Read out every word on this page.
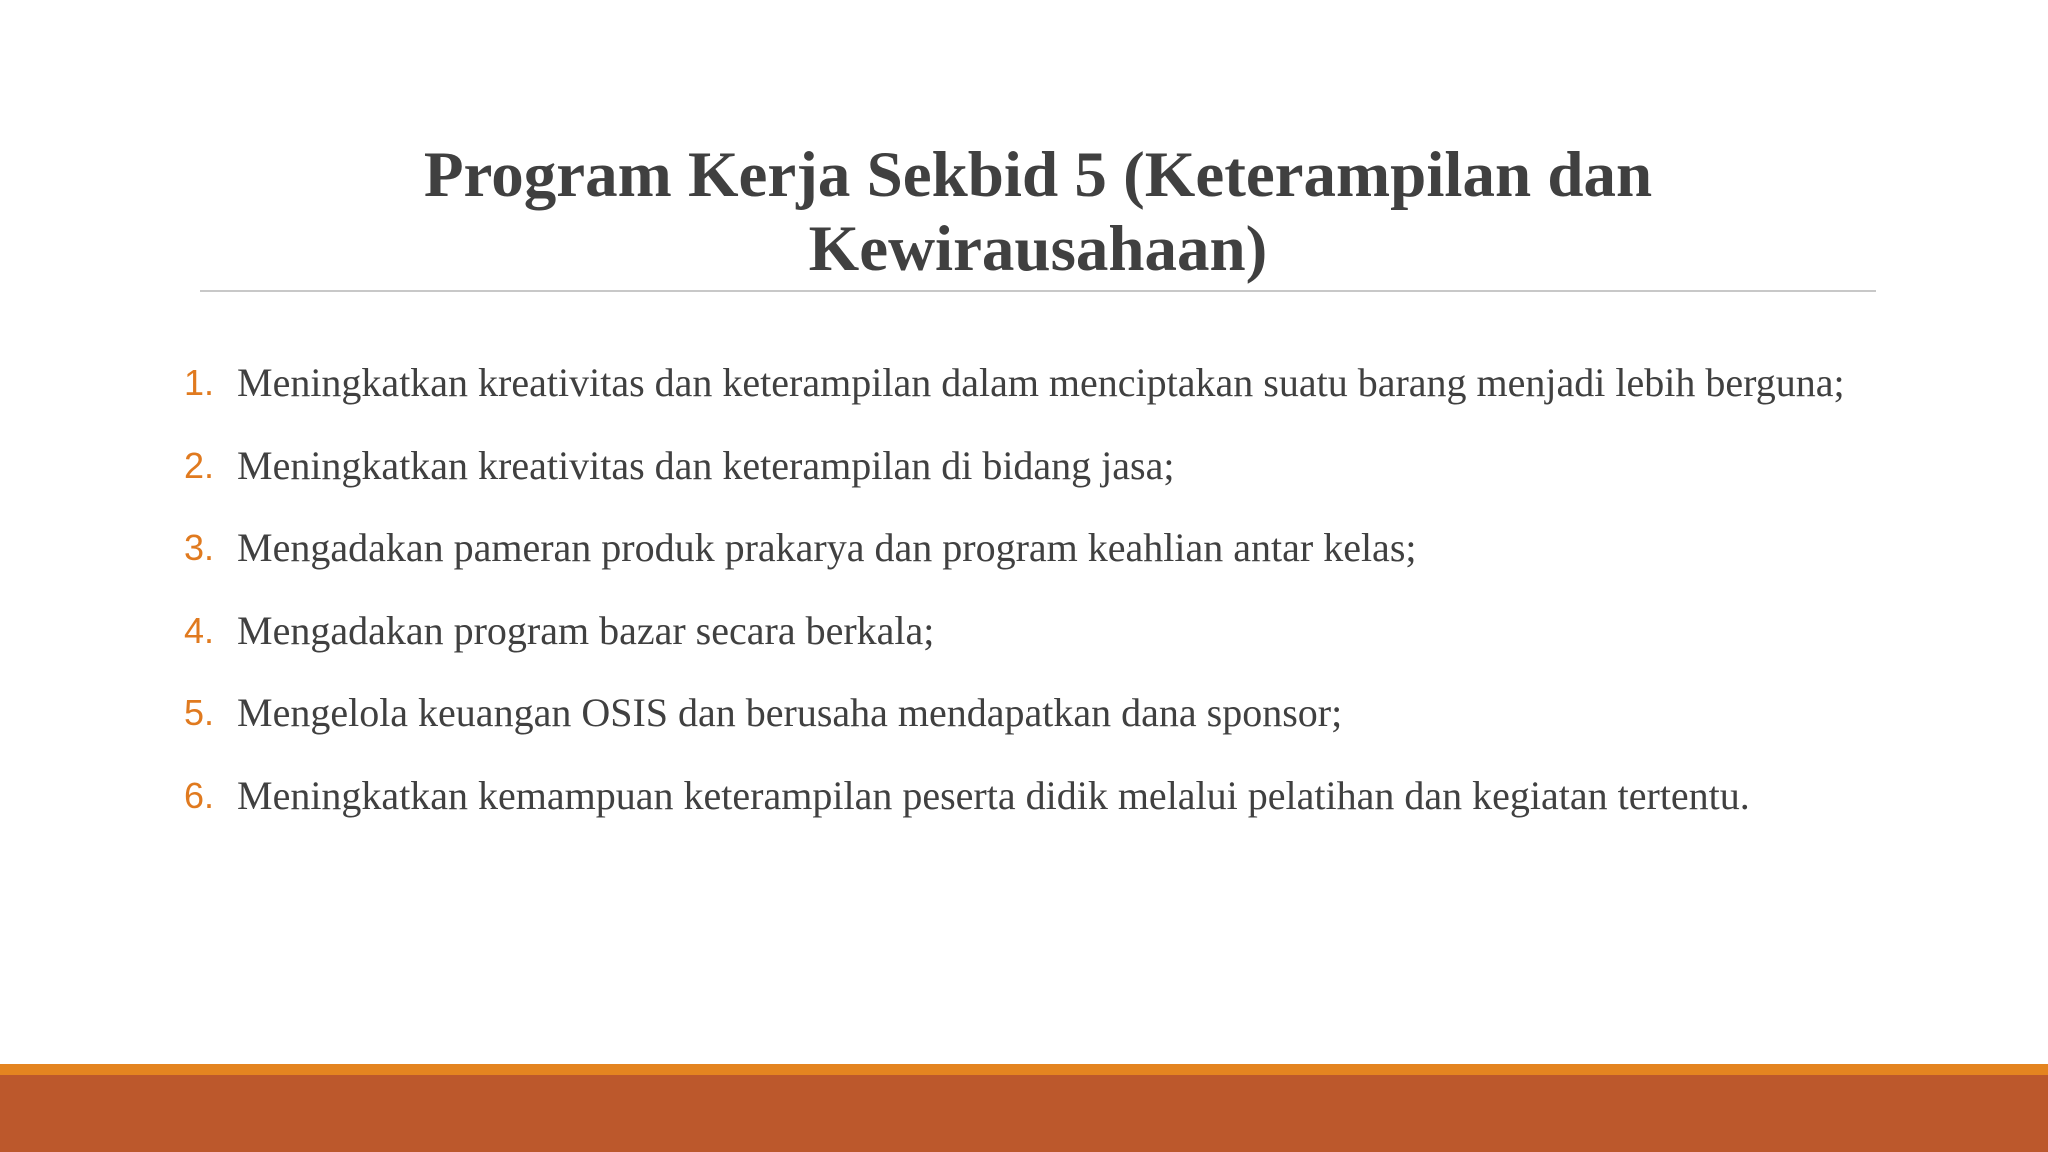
Program Kerja Sekbid 5 (Keterampilan dan
Kewirausahaan)
1. Meningkatkan kreativitas dan keterampilan dalam menciptakan suatu barang menjadi lebih berguna;
2. Meningkatkan kreativitas dan keterampilan di bidang jasa;
3. Mengadakan pameran produk prakarya dan program keahlian antar kelas;
4. Mengadakan program bazar secara berkala;
5. Mengelola keuangan OSIS dan berusaha mendapatkan dana sponsor;
6. Meningkatkan kemampuan keterampilan peserta didik melalui pelatihan dan kegiatan tertentu.
